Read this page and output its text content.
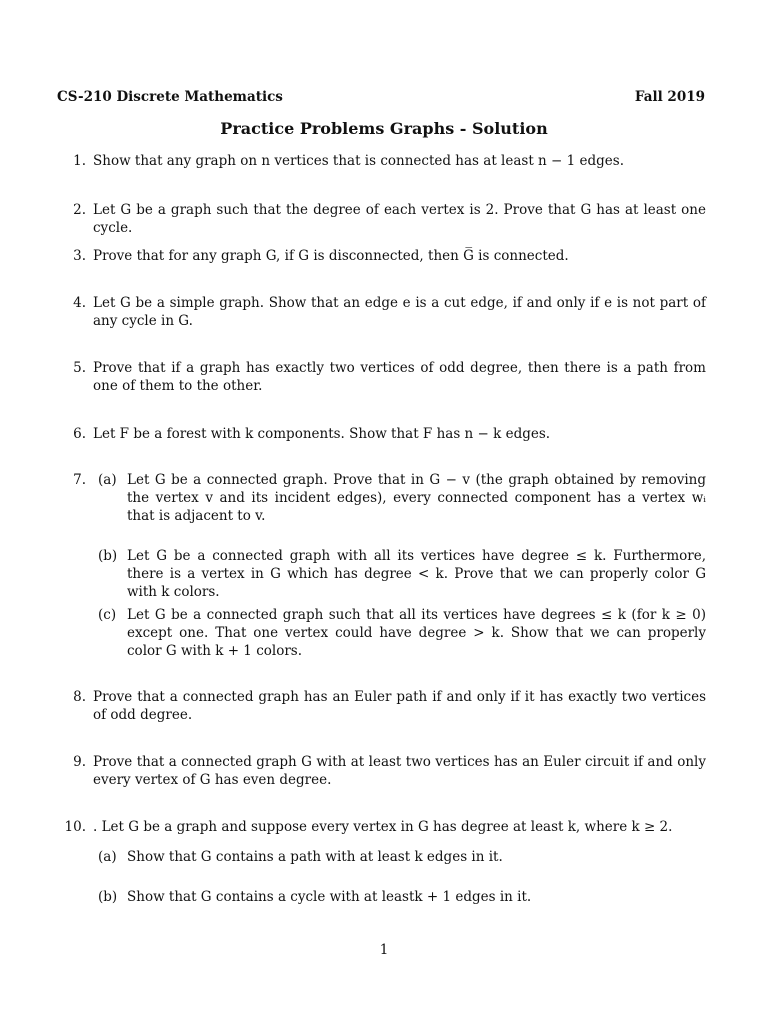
CS-210 Discrete Mathematics	Fall 2019
Practice Problems Graphs - Solution
1. Show that any graph on n vertices that is connected has at least n − 1 edges.
2. Let G be a graph such that the degree of each vertex is 2. Prove that G has at least one cycle.
3. Prove that for any graph G, if G is disconnected, then G̅ is connected.
4. Let G be a simple graph. Show that an edge e is a cut edge, if and only if e is not part of any cycle in G.
5. Prove that if a graph has exactly two vertices of odd degree, then there is a path from one of them to the other.
6. Let F be a forest with k components. Show that F has n − k edges.
7. (a) Let G be a connected graph. Prove that in G − v (the graph obtained by removing the vertex v and its incident edges), every connected component has a vertex wᵢ that is adjacent to v.
(b) Let G be a connected graph with all its vertices have degree ≤ k. Furthermore, there is a vertex in G which has degree < k. Prove that we can properly color G with k colors.
(c) Let G be a connected graph such that all its vertices have degrees ≤ k (for k ≥ 0) except one. That one vertex could have degree > k. Show that we can properly color G with k + 1 colors.
8. Prove that a connected graph has an Euler path if and only if it has exactly two vertices of odd degree.
9. Prove that a connected graph G with at least two vertices has an Euler circuit if and only every vertex of G has even degree.
10. . Let G be a graph and suppose every vertex in G has degree at least k, where k ≥ 2.
(a) Show that G contains a path with at least k edges in it.
(b) Show that G contains a cycle with at leastk + 1 edges in it.
1
